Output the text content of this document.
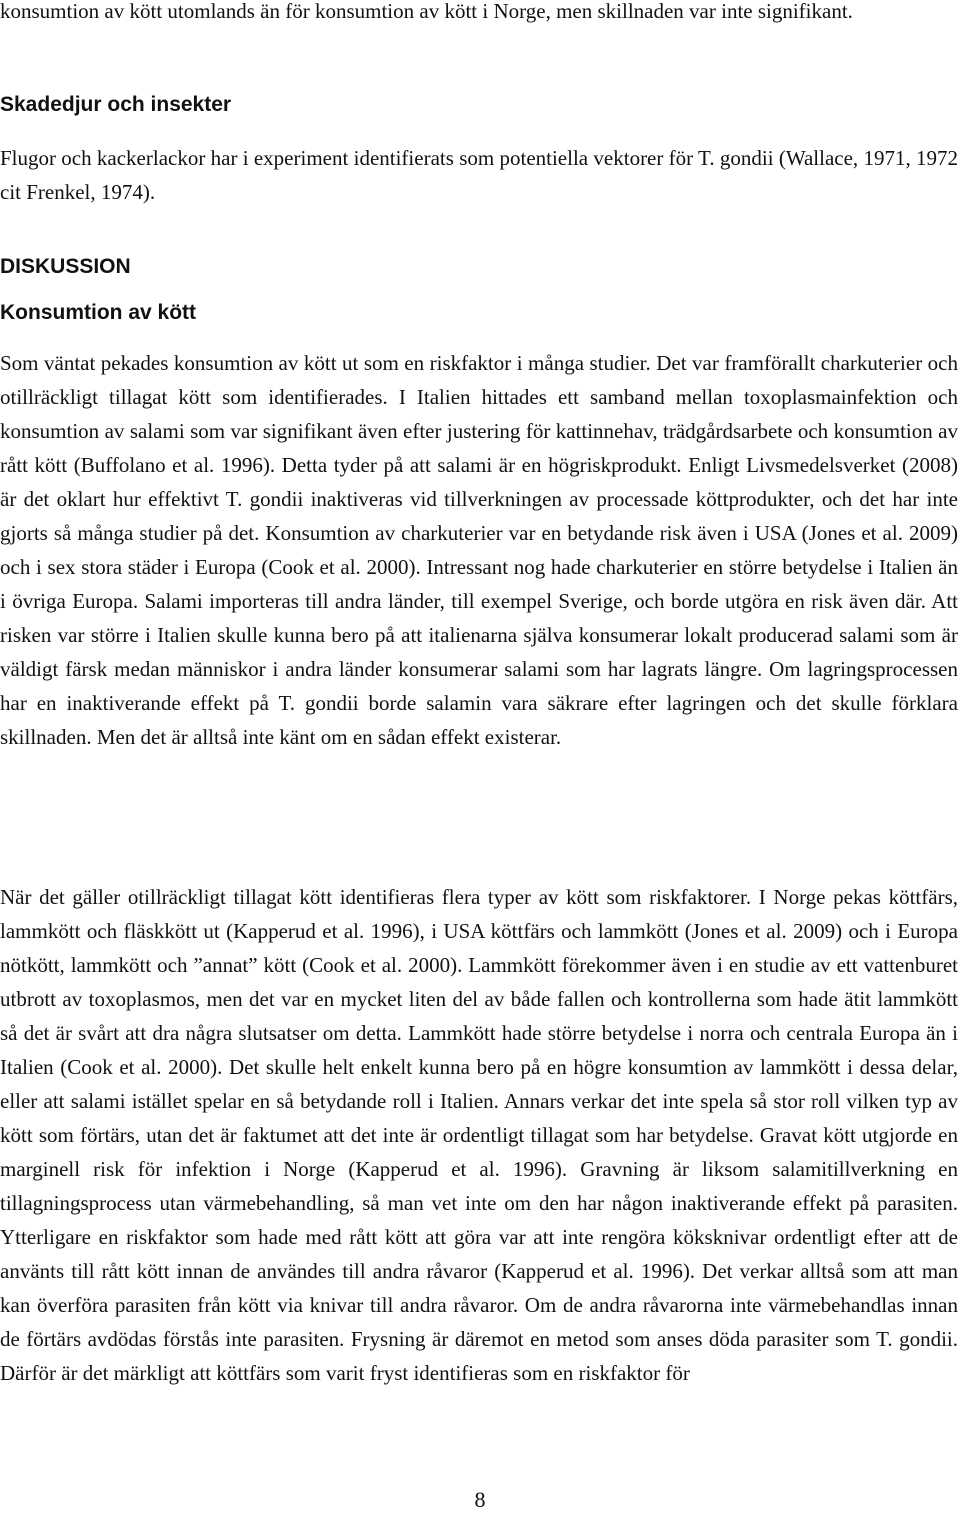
konsumtion av kött utomlands än för konsumtion av kött i Norge, men skillnaden var inte signifikant.

Skadedjur och insekter

Flugor och kackerlackor har i experiment identifierats som potentiella vektorer för T. gondii (Wallace, 1971, 1972 cit Frenkel, 1974).

DISKUSSION
Konsumtion av kött

Som väntat pekades konsumtion av kött ut som en riskfaktor i många studier. Det var framförallt charkuterier och otillräckligt tillagat kött som identifierades. I Italien hittades ett samband mellan toxoplasmainfektion och konsumtion av salami som var signifikant även efter justering för kattinnehav, trädgårdsarbete och konsumtion av rått kött (Buffolano et al. 1996). Detta tyder på att salami är en högriskprodukt. Enligt Livsmedelsverket (2008) är det oklart hur effektivt T. gondii inaktiveras vid tillverkningen av processade köttprodukter, och det har inte gjorts så många studier på det. Konsumtion av charkuterier var en betydande risk även i USA (Jones et al. 2009) och i sex stora städer i Europa (Cook et al. 2000). Intressant nog hade charkuterier en större betydelse i Italien än i övriga Europa. Salami importeras till andra länder, till exempel Sverige, och borde utgöra en risk även där. Att risken var större i Italien skulle kunna bero på att italienarna själva konsumerar lokalt producerad salami som är väldigt färsk medan människor i andra länder konsumerar salami som har lagrats längre. Om lagringsprocessen har en inaktiverande effekt på T. gondii borde salamin vara säkrare efter lagringen och det skulle förklara skillnaden. Men det är alltså inte känt om en sådan effekt existerar.

När det gäller otillräckligt tillagat kött identifieras flera typer av kött som riskfaktorer. I Norge pekas köttfärs, lammkött och fläskkött ut (Kapperud et al. 1996), i USA köttfärs och lammkött (Jones et al. 2009) och i Europa nötkött, lammkött och ”annat” kött (Cook et al. 2000). Lammkött förekommer även i en studie av ett vattenburet utbrott av toxoplasmos, men det var en mycket liten del av både fallen och kontrollerna som hade ätit lammkött så det är svårt att dra några slutsatser om detta. Lammkött hade större betydelse i norra och centrala Europa än i Italien (Cook et al. 2000). Det skulle helt enkelt kunna bero på en högre konsumtion av lammkött i dessa delar, eller att salami istället spelar en så betydande roll i Italien. Annars verkar det inte spela så stor roll vilken typ av kött som förtärs, utan det är faktumet att det inte är ordentligt tillagat som har betydelse. Gravat kött utgjorde en marginell risk för infektion i Norge (Kapperud et al. 1996). Gravning är liksom salamitillverkning en tillagningsprocess utan värmebehandling, så man vet inte om den har någon inaktiverande effekt på parasiten. Ytterligare en riskfaktor som hade med rått kött att göra var att inte rengöra köksknivar ordentligt efter att de använts till rått kött innan de användes till andra råvaror (Kapperud et al. 1996). Det verkar alltså som att man kan överföra parasiten från kött via knivar till andra råvaror. Om de andra råvarorna inte värmebehandlas innan de förtärs avdödas förstås inte parasiten. Frysning är däremot en metod som anses döda parasiter som T. gondii. Därför är det märkligt att köttfärs som varit fryst identifieras som en riskfaktor för

8
